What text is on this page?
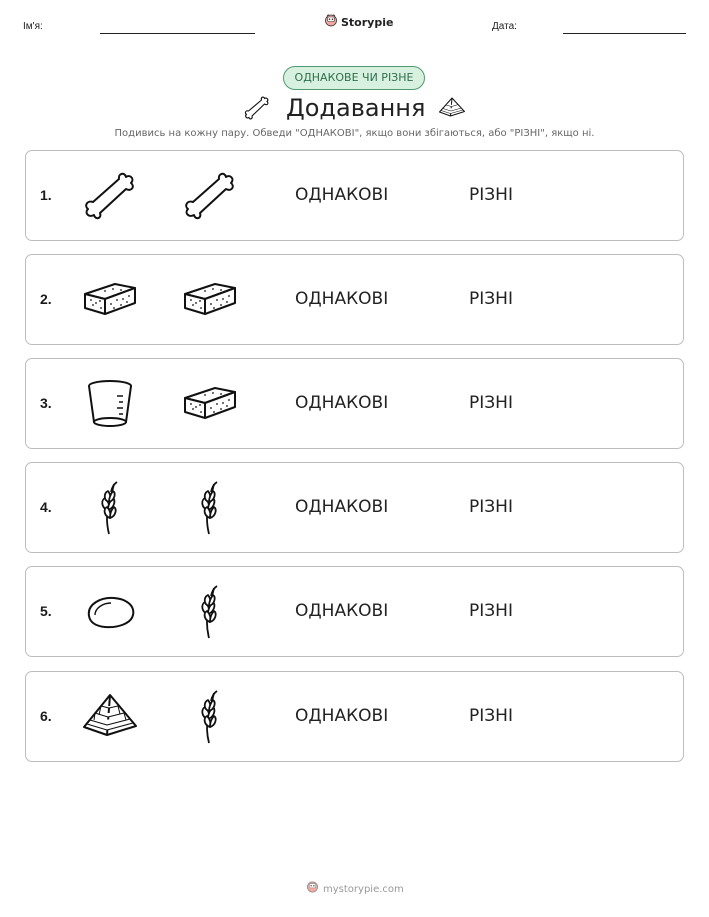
Ім'я:	Storypie	Дата:
ОДНАКОВЕ ЧИ РІЗНЕ
Додавання
Подивись на кожну пару. Обведи "ОДНАКОВІ", якщо вони збігаються, або "РІЗНІ", якщо ні.
1.	ОДНАКОВІ	РІЗНІ
2.	ОДНАКОВІ	РІЗНІ
3.	ОДНАКОВІ	РІЗНІ
4.	ОДНАКОВІ	РІЗНІ
5.	ОДНАКОВІ	РІЗНІ
6.	ОДНАКОВІ	РІЗНІ
mystorypie.com
